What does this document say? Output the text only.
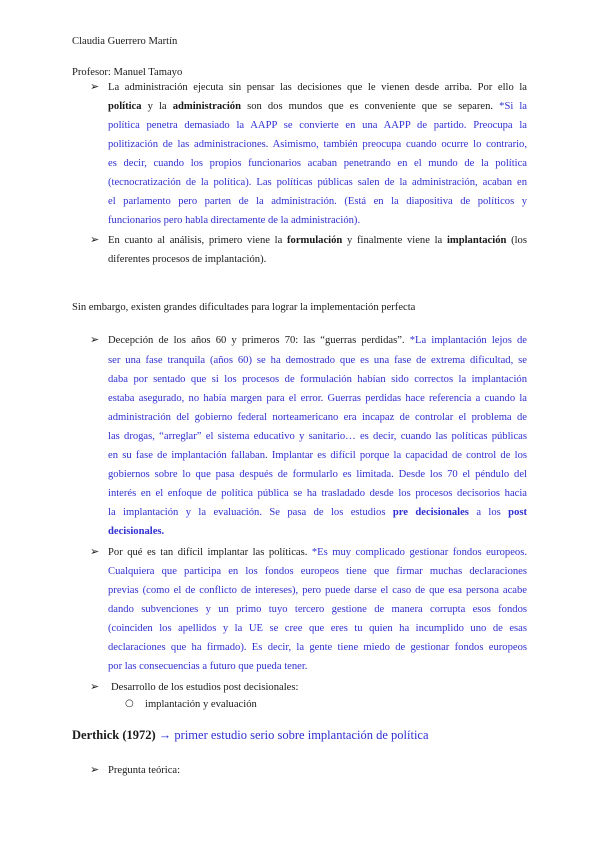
Claudia Guerrero Martín
Profesor: Manuel Tamayo
➢ La administración ejecuta sin pensar las decisiones que le vienen desde arriba. Por ello la
política y la administración son dos mundos que es conveniente que se separen. *Si la
política penetra demasiado la AAPP se convierte en una AAPP de partido. Preocupa la
politización de las administraciones. Asimismo, también preocupa cuando ocurre lo contrario,
es decir, cuando los propios funcionarios acaban penetrando en el mundo de la política
(tecnocratización de la política). Las políticas públicas salen de la administración, acaban en
el parlamento pero parten de la administración. (Está en la diapositiva de políticos y
funcionarios pero habla directamente de la administración).
➢ En cuanto al análisis, primero viene la formulación y finalmente viene la implantación (los
diferentes procesos de implantación).
Sin embargo, existen grandes dificultades para lograr la implementación perfecta
➢ Decepción de los años 60 y primeros 70: las “guerras perdidas”. *La implantación lejos de
ser una fase tranquila (años 60) se ha demostrado que es una fase de extrema dificultad, se
daba por sentado que si los procesos de formulación habían sido correctos la implantación
estaba asegurado, no había margen para el error. Guerras perdidas hace referencia a cuando la
administración del gobierno federal norteamericano era incapaz de controlar el problema de
las drogas, “arreglar” el sistema educativo y sanitario… es decir, cuando las políticas públicas
en su fase de implantación fallaban. Implantar es difícil porque la capacidad de control de los
gobiernos sobre lo que pasa después de formularlo es limitada. Desde los 70 el péndulo del
interés en el enfoque de política pública se ha trasladado desde los procesos decisorios hacia
la implantación y la evaluación. Se pasa de los estudios pre decisionales a los post
decisionales.
➢ Por qué es tan difícil implantar las políticas. *Es muy complicado gestionar fondos europeos.
Cualquiera que participa en los fondos europeos tiene que firmar muchas declaraciones
previas (como el de conflicto de intereses), pero puede darse el caso de que esa persona acabe
dando subvenciones y un primo tuyo tercero gestione de manera corrupta esos fondos
(coinciden los apellidos y la UE se cree que eres tu quien ha incumplido uno de esas
declaraciones que ha firmado). Es decir, la gente tiene miedo de gestionar fondos europeos
por las consecuencias a futuro que pueda tener.
➢ Desarrollo de los estudios post decisionales:
○ implantación y evaluación
Derthick (1972) → primer estudio serio sobre implantación de política
➢ Pregunta teórica:
